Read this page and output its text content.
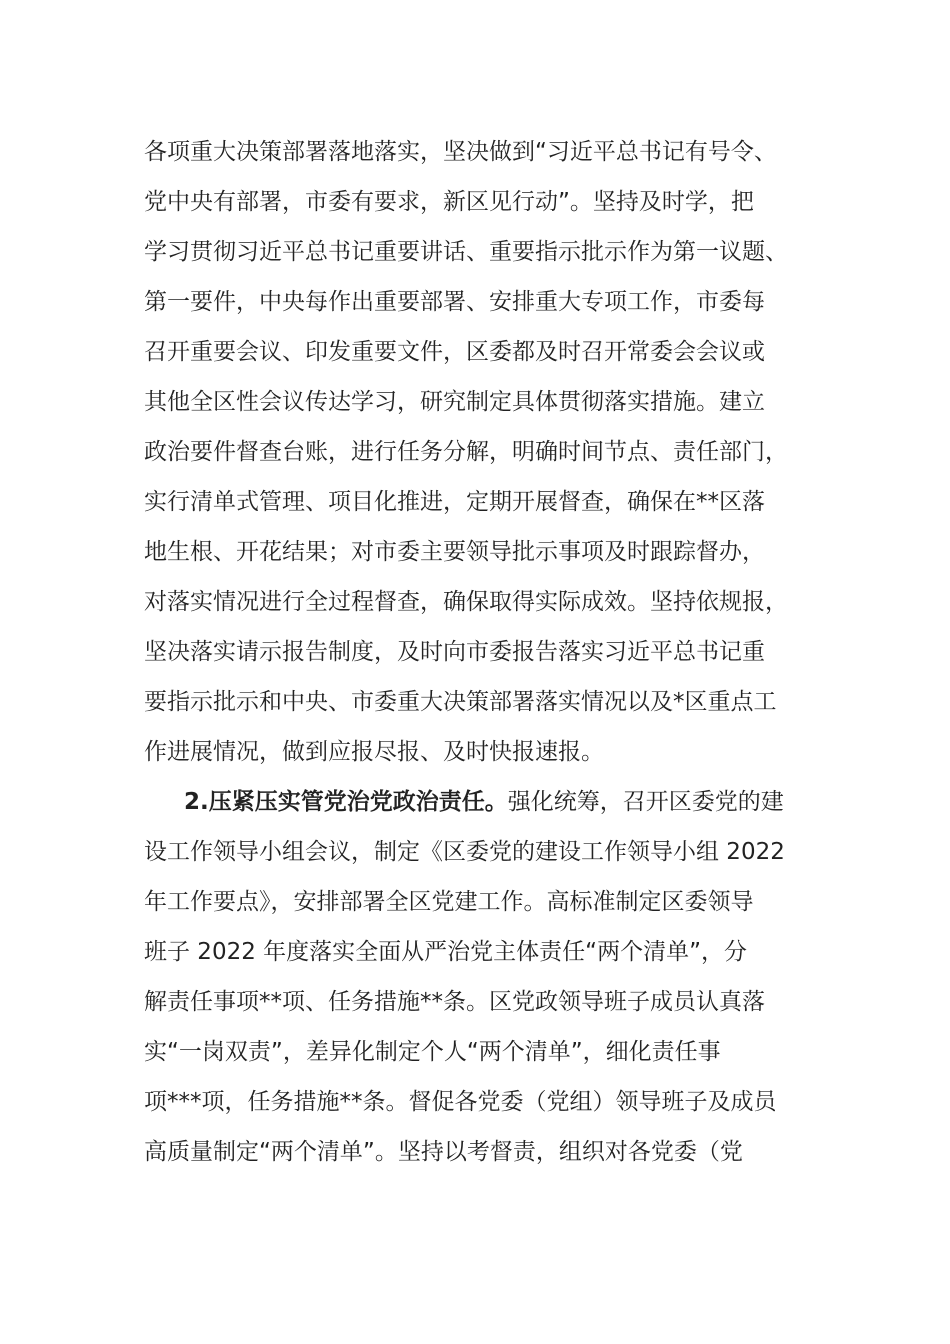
各项重大决策部署落地落实，坚决做到“习近平总书记有号令、
党中央有部署，市委有要求，新区见行动”。坚持及时学，把
学习贯彻习近平总书记重要讲话、重要指示批示作为第一议题、
第一要件，中央每作出重要部署、安排重大专项工作，市委每
召开重要会议、印发重要文件，区委都及时召开常委会会议或
其他全区性会议传达学习，研究制定具体贯彻落实措施。建立
政治要件督查台账，进行任务分解，明确时间节点、责任部门，
实行清单式管理、项目化推进，定期开展督查，确保在**区落
地生根、开花结果；对市委主要领导批示事项及时跟踪督办，
对落实情况进行全过程督查，确保取得实际成效。坚持依规报，
坚决落实请示报告制度，及时向市委报告落实习近平总书记重
要指示批示和中央、市委重大决策部署落实情况以及*区重点工
作进展情况，做到应报尽报、及时快报速报。
2.压紧压实管党治党政治责任。强化统筹，召开区委党的建
设工作领导小组会议，制定《区委党的建设工作领导小组 2022
年工作要点》，安排部署全区党建工作。高标准制定区委领导
班子 2022 年度落实全面从严治党主体责任“两个清单”，分
解责任事项**项、任务措施**条。区党政领导班子成员认真落
实“一岗双责”，差异化制定个人“两个清单”，细化责任事
项***项，任务措施**条。督促各党委（党组）领导班子及成员
高质量制定“两个清单”。坚持以考督责，组织对各党委（党
